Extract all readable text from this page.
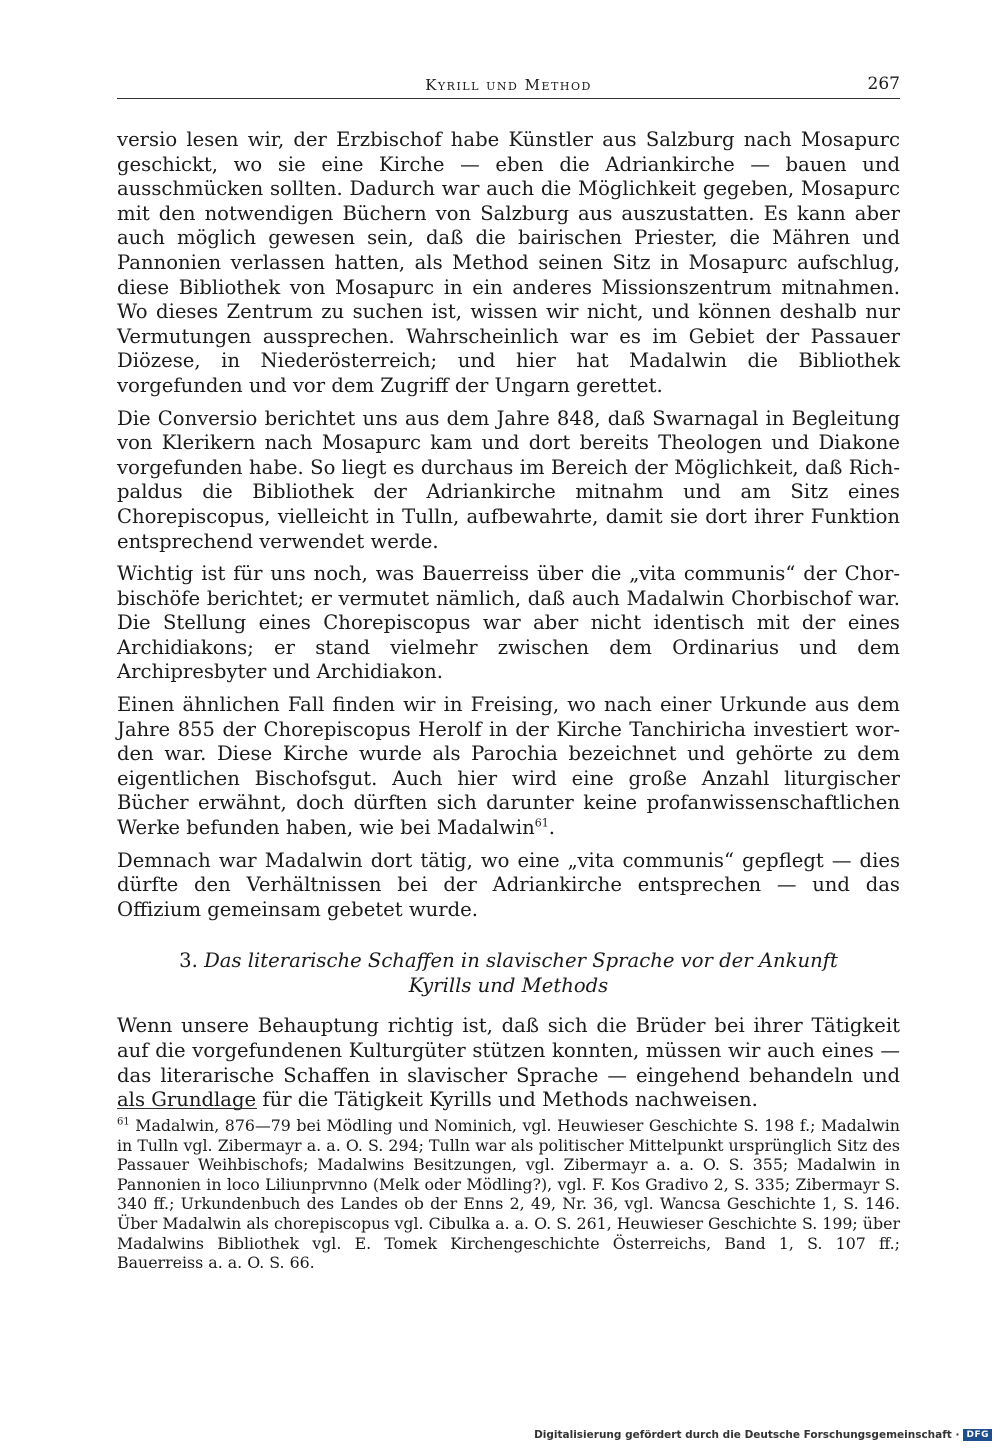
Kyrill und Method	267

versio lesen wir, der Erzbischof habe Künstler aus Salzburg nach Mosapurc geschickt, wo sie eine Kirche — eben die Adriankirche — bauen und ausschmücken sollten. Dadurch war auch die Möglichkeit gegeben, Mosapurc mit den notwendigen Büchern von Salzburg aus auszustatten. Es kann aber auch möglich gewesen sein, daß die bairischen Priester, die Mähren und Pannonien verlassen hatten, als Method seinen Sitz in Mosapurc aufschlug, diese Bibliothek von Mosapurc in ein anderes Missionszentrum mitnahmen. Wo dieses Zentrum zu suchen ist, wissen wir nicht, und können deshalb nur Vermutungen aussprechen. Wahrscheinlich war es im Gebiet der Passauer Diözese, in Niederösterreich; und hier hat Madalwin die Bibliothek vorgefunden und vor dem Zugriff der Ungarn gerettet.

Die Conversio berichtet uns aus dem Jahre 848, daß Swarnagal in Begleitung von Klerikern nach Mosapurc kam und dort bereits Theologen und Diakone vorgefunden habe. So liegt es durchaus im Bereich der Möglichkeit, daß Richpaldus die Bibliothek der Adriankirche mitnahm und am Sitz eines Chorepiscopus, vielleicht in Tulln, aufbewahrte, damit sie dort ihrer Funktion entsprechend verwendet werde.

Wichtig ist für uns noch, was Bauerreiss über die „vita communis“ der Chorbischöfe berichtet; er vermutet nämlich, daß auch Madalwin Chorbischof war. Die Stellung eines Chorepiscopus war aber nicht identisch mit der eines Archidiakons; er stand vielmehr zwischen dem Ordinarius und dem Archipresbyter und Archidiakon.

Einen ähnlichen Fall finden wir in Freising, wo nach einer Urkunde aus dem Jahre 855 der Chorepiscopus Herolf in der Kirche Tanchiricha investiert worden war. Diese Kirche wurde als Parochia bezeichnet und gehörte zu dem eigentlichen Bischofsgut. Auch hier wird eine große Anzahl liturgischer Bücher erwähnt, doch dürften sich darunter keine profanwissenschaftlichen Werke befunden haben, wie bei Madalwin$^{61}$.

Demnach war Madalwin dort tätig, wo eine „vita communis“ gepflegt — dies dürfte den Verhältnissen bei der Adriankirche entsprechen — und das Offizium gemeinsam gebetet wurde.

3. Das literarische Schaffen in slavischer Sprache vor der Ankunft
Kyrills und Methods

Wenn unsere Behauptung richtig ist, daß sich die Brüder bei ihrer Tätigkeit auf die vorgefundenen Kulturgüter stützen konnten, müssen wir auch eines — das literarische Schaffen in slavischer Sprache — eingehend behandeln und als Grundlage für die Tätigkeit Kyrills und Methods nachweisen.

$^{61}$ Madalwin, 876—79 bei Mödling und Nominich, vgl. Heuwieser Geschichte S. 198 f.; Madalwin in Tulln vgl. Zibermayr a. a. O. S. 294; Tulln war als politischer Mittelpunkt ursprünglich Sitz des Passauer Weihbischofs; Madalwins Besitzungen, vgl. Zibermayr a. a. O. S. 355; Madalwin in Pannonien in loco Liliunprvnno (Melk oder Mödling?), vgl. F. Kos Gradivo 2, S. 335; Zibermayr S. 340 ff.; Urkundenbuch des Landes ob der Enns 2, 49, Nr. 36, vgl. Wancsa Geschichte 1, S. 146. Über Madalwin als chorepiscopus vgl. Cibulka a. a. O. S. 261, Heuwieser Geschichte S. 199; über Madalwins Bibliothek vgl. E. Tomek Kirchengeschichte Österreichs, Band 1, S. 107 ff.; Bauerreiss a. a. O. S. 66.

Digitalisierung gefördert durch die Deutsche Forschungsgemeinschaft · DFG
